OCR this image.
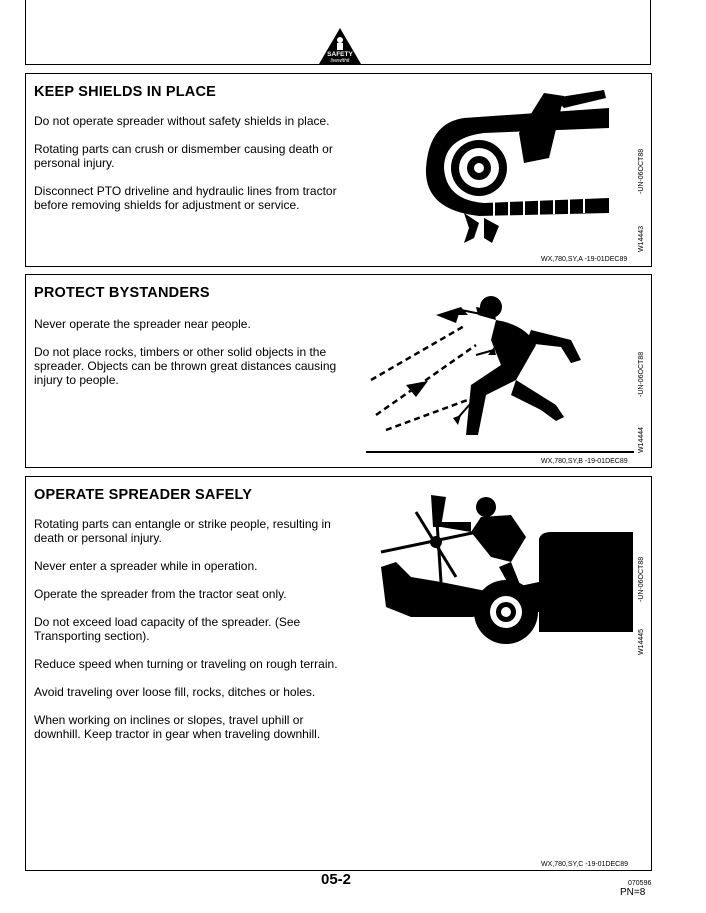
SAFETY
livewithit
KEEP SHIELDS IN PLACE
Do not operate spreader without safety shields in place.
Rotating parts can crush or dismember causing death or personal injury.
Disconnect PTO driveline and hydraulic lines from tractor before removing shields for adjustment or service.
-UN-06OCT88
W14443
WX,780,SY,A -19-01DEC89
PROTECT BYSTANDERS
Never operate the spreader near people.
Do not place rocks, timbers or other solid objects in the spreader. Objects can be thrown great distances causing injury to people.	-UN-06OCT88
W14444
WX,780,SY,B -19-01DEC89
OPERATE SPREADER SAFELY
Rotating parts can entangle or strike people, resulting in death or personal injury.
Never enter a spreader while in operation.
Operate the spreader from the tractor seat only.
Do not exceed load capacity of the spreader. (See Transporting section).
Reduce speed when turning or traveling on rough terrain.
Avoid traveling over loose fill, rocks, ditches or holes.
When working on inclines or slopes, travel uphill or downhill. Keep tractor in gear when traveling downhill.
-UN-06OCT88
W14445
WX,780,SY,C -19-01DEC89
05-2	070596
PN=8
